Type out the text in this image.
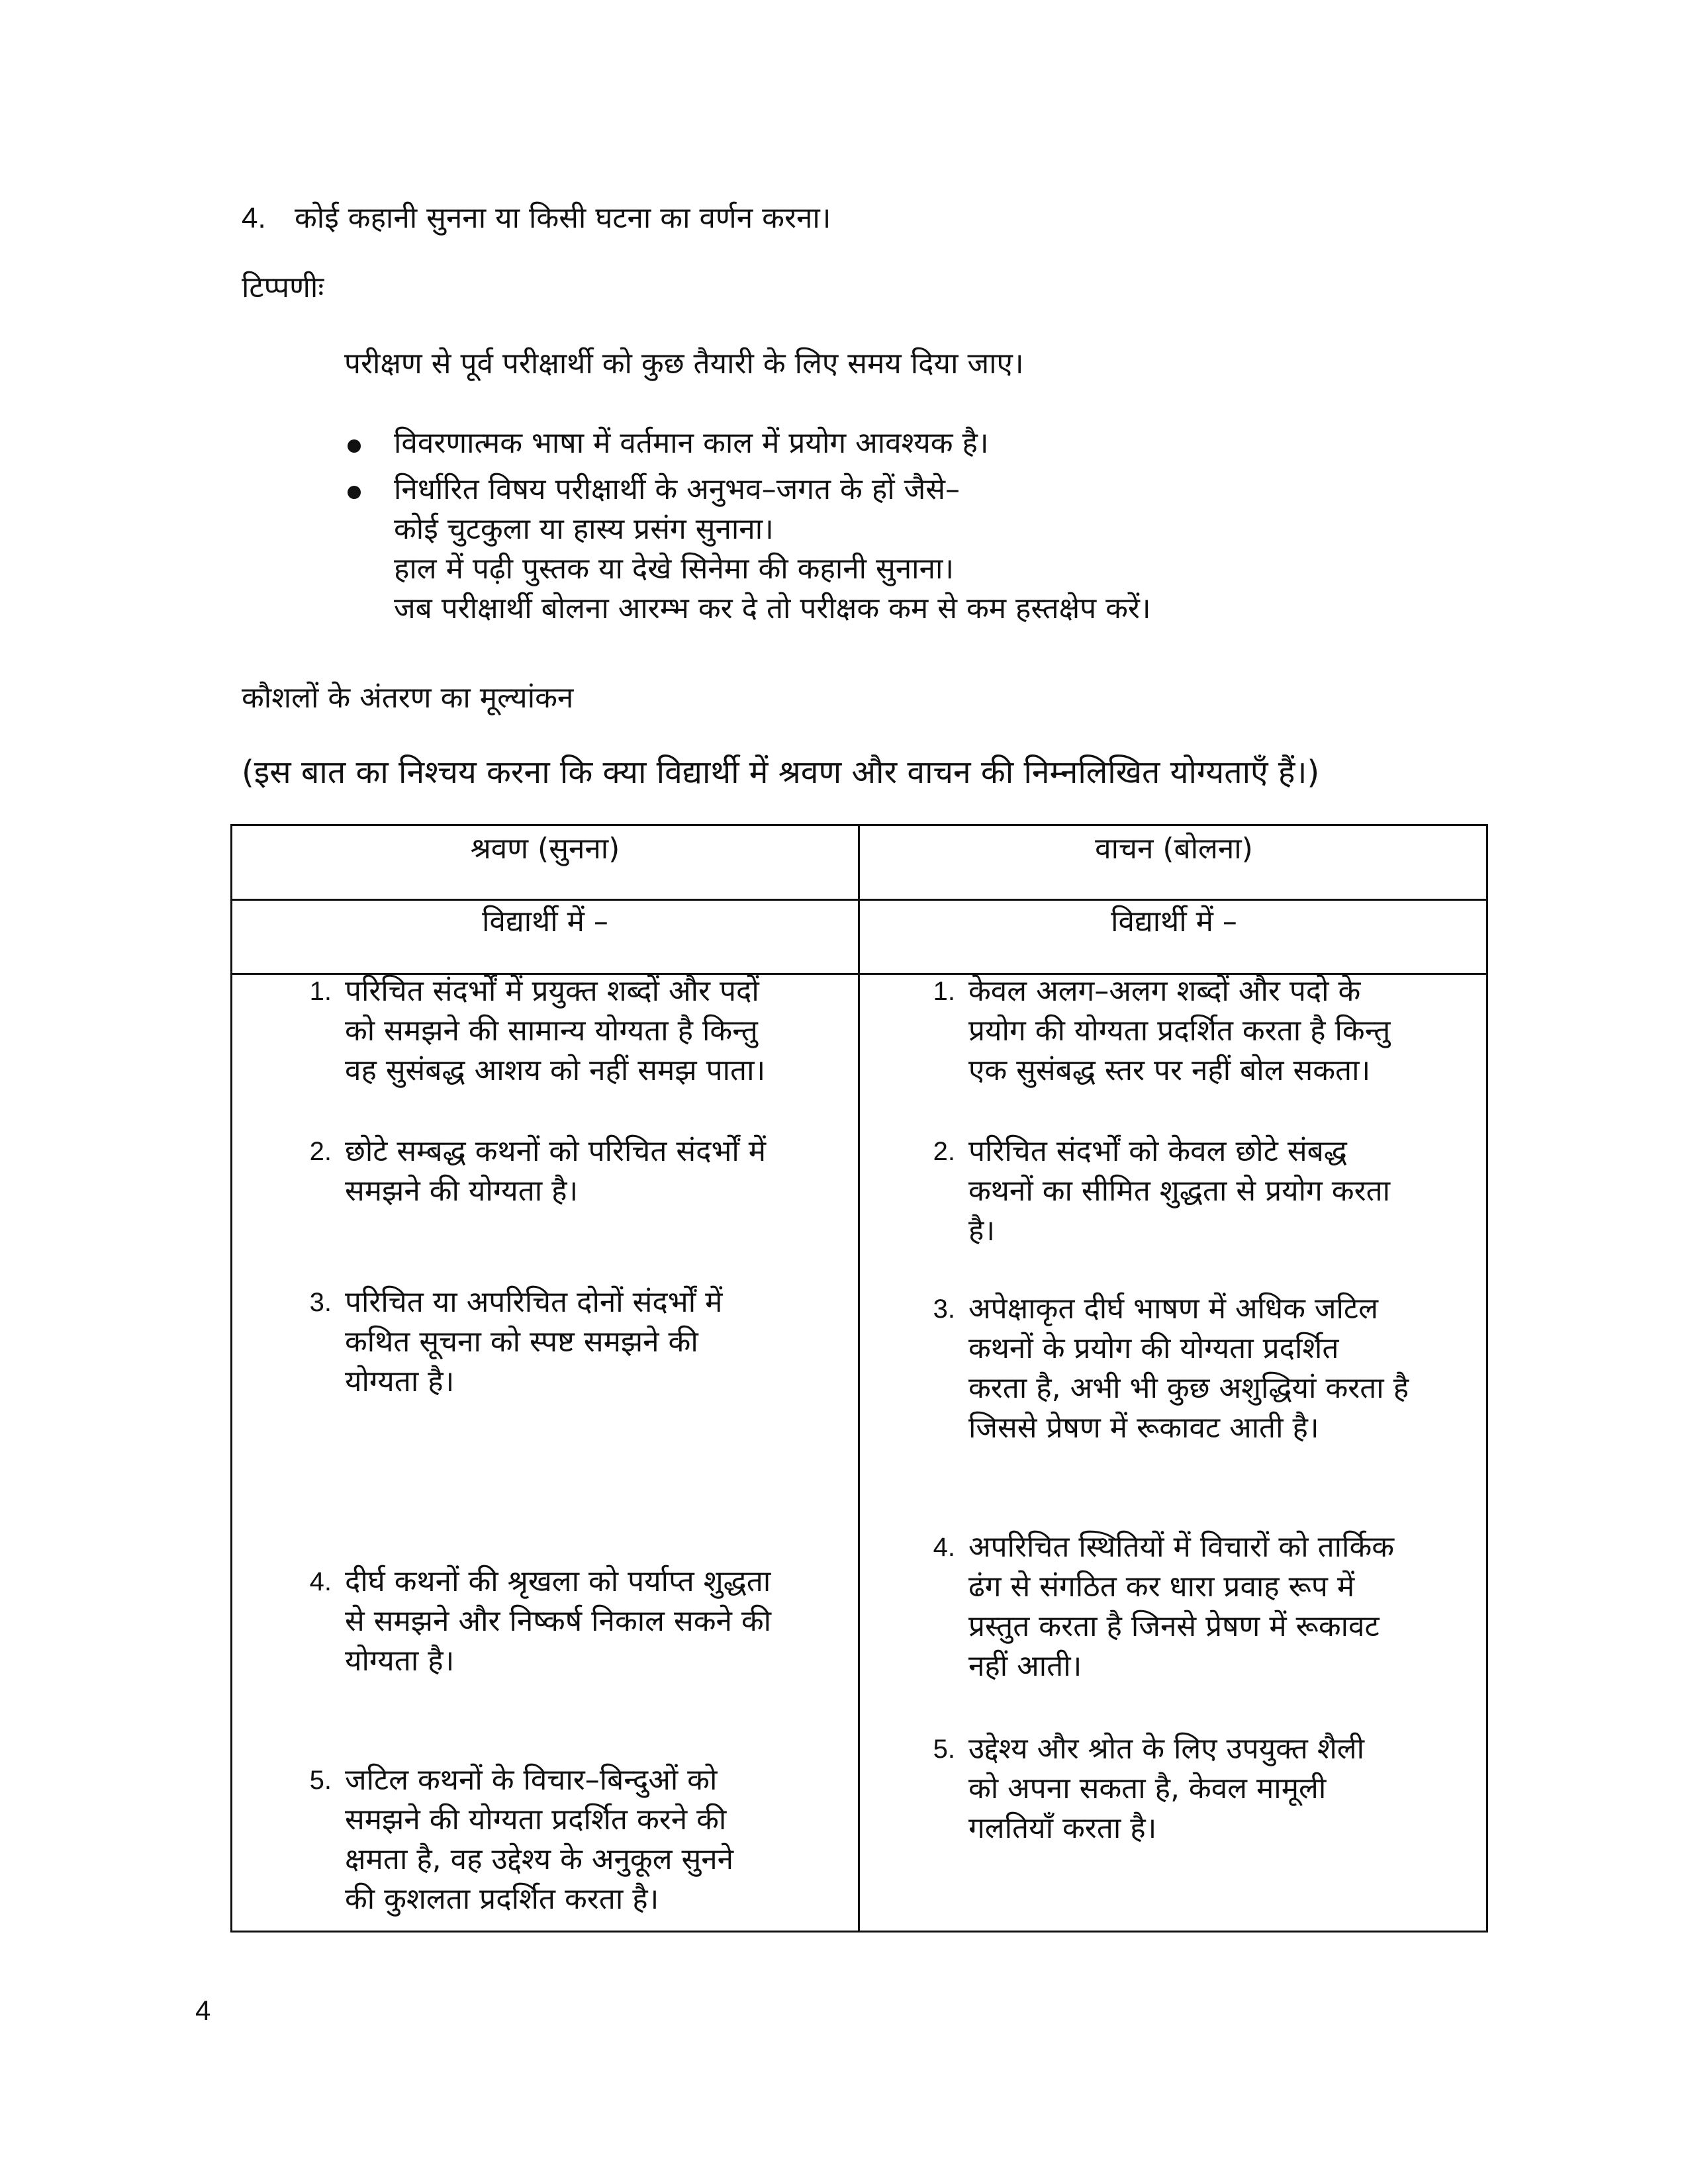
4. कोई कहानी सुनना या किसी घटना का वर्णन करना।
टिप्पणीः
परीक्षण से पूर्व परीक्षार्थी को कुछ तैयारी के लिए समय दिया जाए।
विवरणात्मक भाषा में वर्तमान काल में प्रयोग आवश्यक है।
निर्धारित विषय परीक्षार्थी के अनुभव–जगत के हों जैसे–
कोई चुटकुला या हास्य प्रसंग सुनाना।
हाल में पढ़ी पुस्तक या देखे सिनेमा की कहानी सुनाना।
जब परीक्षार्थी बोलना आरम्भ कर दे तो परीक्षक कम से कम हस्तक्षेप करें।
कौशलों के अंतरण का मूल्यांकन
(इस बात का निश्चय करना कि क्या विद्यार्थी में श्रवण और वाचन की निम्नलिखित योग्यताएँ हैं।)
श्रवण (सुनना)	वाचन (बोलना)
विद्यार्थी में –	विद्यार्थी में –
1. परिचित संदर्भों में प्रयुक्त शब्दों और पदों
को समझने की सामान्य योग्यता है किन्तु
वह सुसंबद्ध आशय को नहीं समझ पाता।
2. छोटे सम्बद्ध कथनों को परिचित संदर्भों में
समझने की योग्यता है।
3. परिचित या अपरिचित दोनों संदर्भों में
कथित सूचना को स्पष्ट समझने की
योग्यता है।
4. दीर्घ कथनों की श्रृखला को पर्याप्त शुद्धता
से समझने और निष्कर्ष निकाल सकने की
योग्यता है।
5. जटिल कथनों के विचार–बिन्दुओं को
समझने की योग्यता प्रदर्शित करने की
क्षमता है, वह उद्देश्य के अनुकूल सुनने
की कुशलता प्रदर्शित करता है।
1. केवल अलग–अलग शब्दों और पदो के
प्रयोग की योग्यता प्रदर्शित करता है किन्तु
एक सुसंबद्ध स्तर पर नहीं बोल सकता।
2. परिचित संदर्भों को केवल छोटे संबद्ध
कथनों का सीमित शुद्धता से प्रयोग करता
है।
3. अपेक्षाकृत दीर्घ भाषण में अधिक जटिल
कथनों के प्रयोग की योग्यता प्रदर्शित
करता है, अभी भी कुछ अशुद्धियां करता है
जिससे प्रेषण में रूकावट आती है।
4. अपरिचित स्थितियों में विचारों को तार्किक
ढंग से संगठित कर धारा प्रवाह रूप में
प्रस्तुत करता है जिनसे प्रेषण में रूकावट
नहीं आती।
5. उद्देश्य और श्रोत के लिए उपयुक्त शैली
को अपना सकता है, केवल मामूली
गलतियाँ करता है।
4
